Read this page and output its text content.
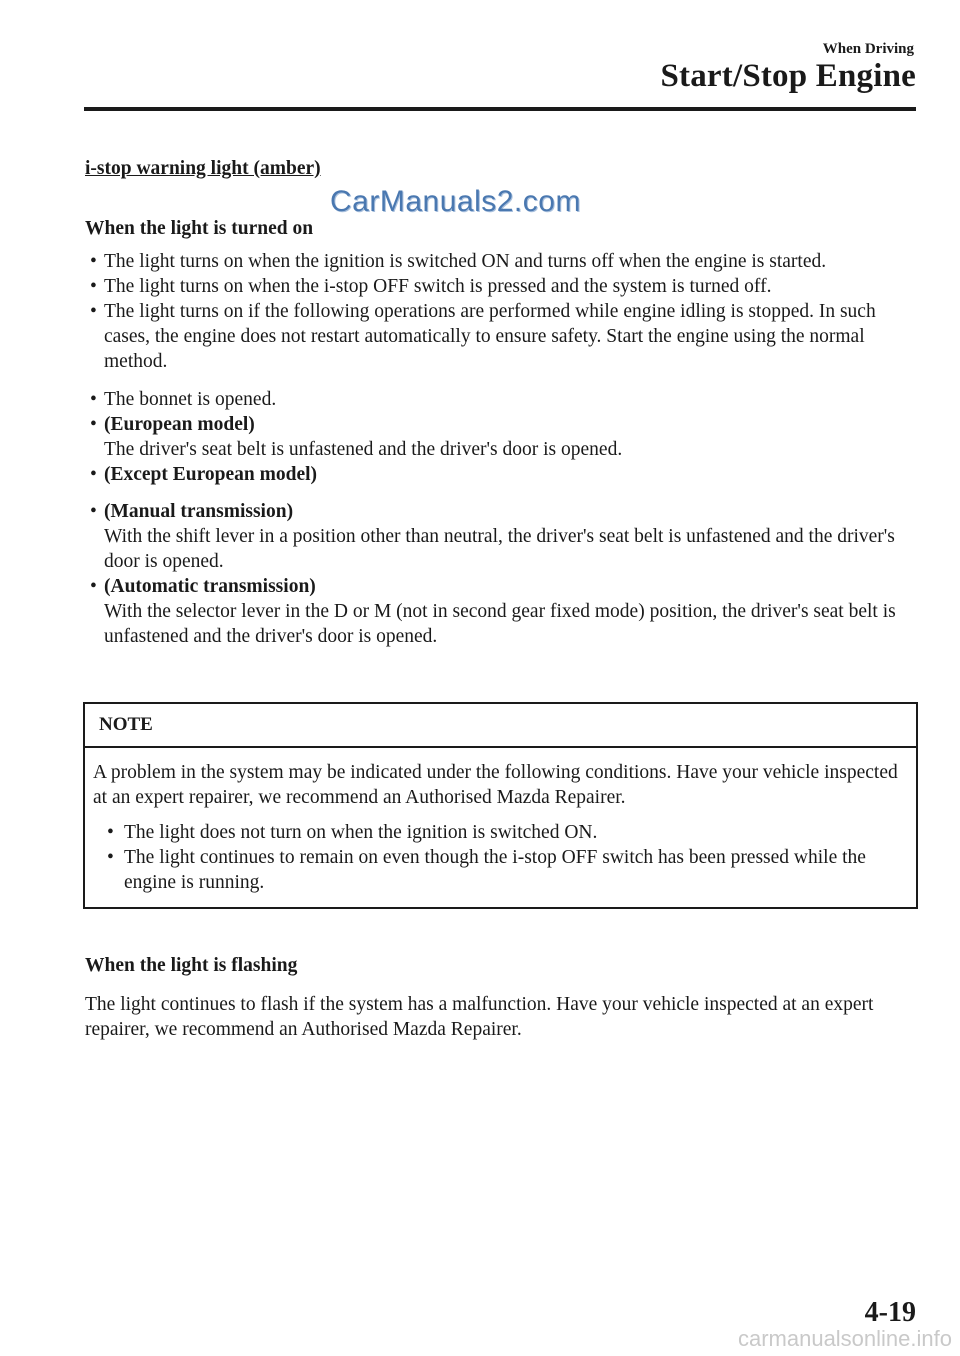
When Driving
Start/Stop Engine
CarManuals2.com

i-stop warning light (amber)

When the light is turned on

• The light turns on when the ignition is switched ON and turns off when the engine is started.
• The light turns on when the i-stop OFF switch is pressed and the system is turned off.
• The light turns on if the following operations are performed while engine idling is stopped. In such cases, the engine does not restart automatically to ensure safety. Start the engine using the normal method.
• The bonnet is opened.
• (European model)
The driver's seat belt is unfastened and the driver's door is opened.
• (Except European model)
• (Manual transmission)
With the shift lever in a position other than neutral, the driver's seat belt is unfastened and the driver's door is opened.
• (Automatic transmission)
With the selector lever in the D or M (not in second gear fixed mode) position, the driver's seat belt is unfastened and the driver's door is opened.
NOTE

A problem in the system may be indicated under the following conditions. Have your vehicle inspected at an expert repairer, we recommend an Authorised Mazda Repairer.

• The light does not turn on when the ignition is switched ON.
• The light continues to remain on even though the i-stop OFF switch has been pressed while the engine is running.

When the light is flashing

The light continues to flash if the system has a malfunction. Have your vehicle inspected at an expert repairer, we recommend an Authorised Mazda Repairer.

4-19
carmanualsonline.info
